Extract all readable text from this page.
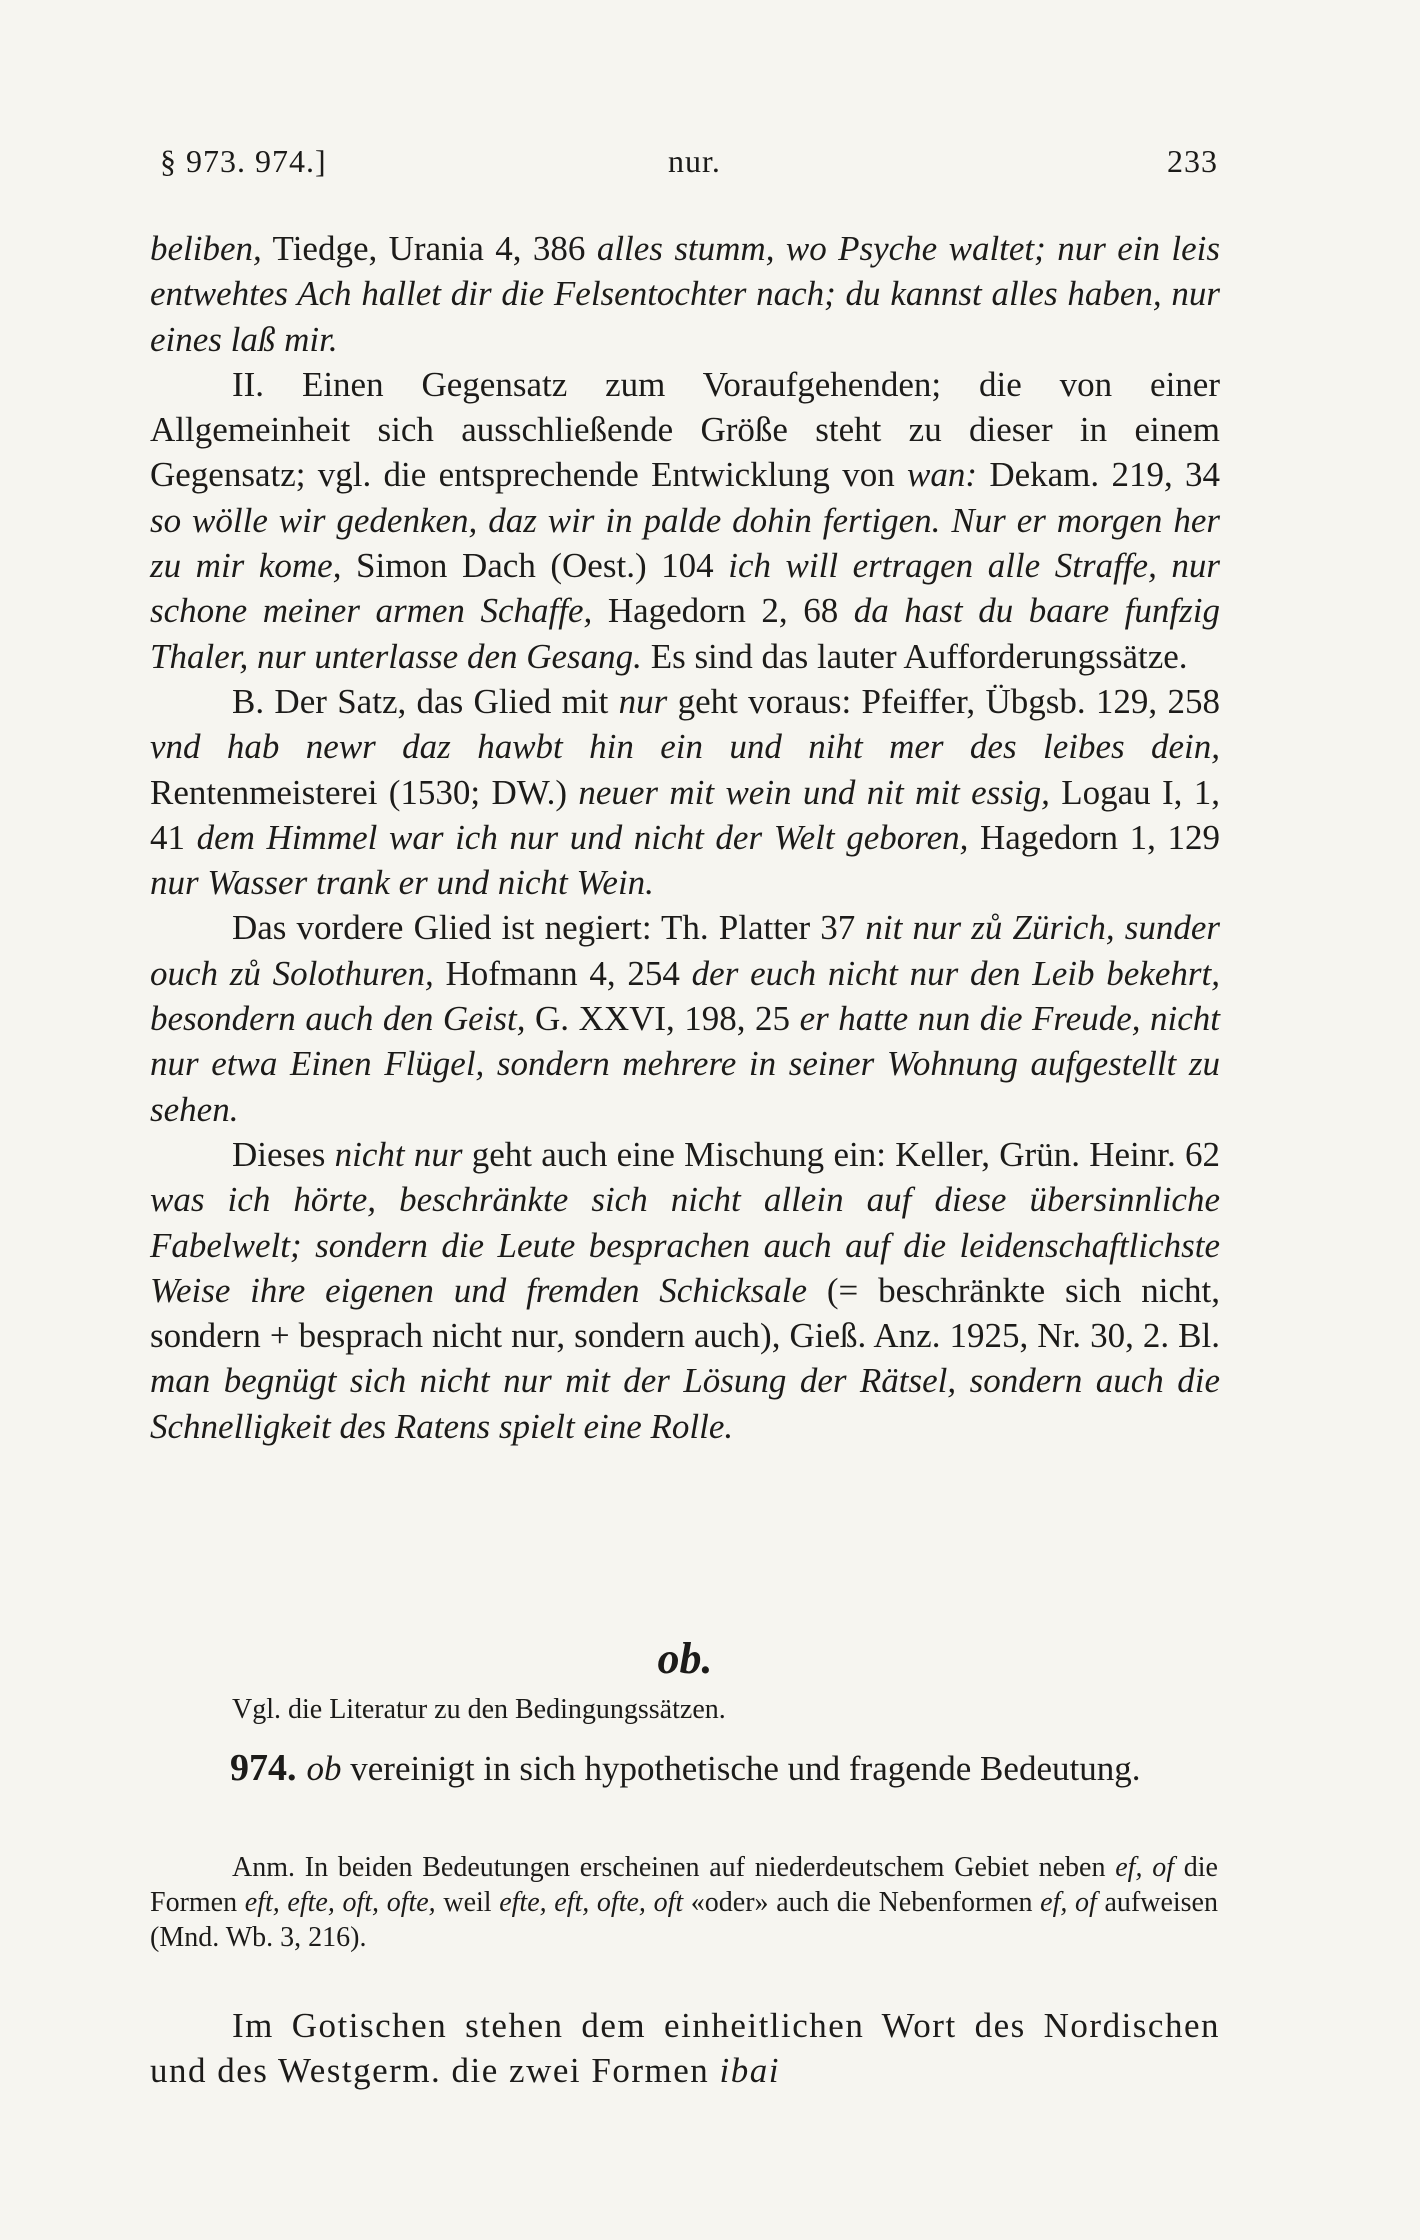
§ 973. 974.]	nur.	233

beliben, Tiedge, Urania 4, 386 alles stumm, wo Psyche waltet; nur ein leis entwehtes Ach hallet dir die Felsentochter nach; du kannst alles haben, nur eines laß mir.

II. Einen Gegensatz zum Voraufgehenden; die von einer Allgemeinheit sich ausschließende Größe steht zu dieser in einem Gegensatz; vgl. die entsprechende Entwicklung von wan: Dekam. 219, 34 so wölle wir gedenken, daz wir in palde dohin fertigen. Nur er morgen her zu mir kome, Simon Dach (Oest.) 104 ich will ertragen alle Straffe, nur schone meiner armen Schaffe, Hagedorn 2, 68 da hast du baare funfzig Thaler, nur unterlasse den Gesang. Es sind das lauter Aufforderungssätze.

B. Der Satz, das Glied mit nur geht voraus: Pfeiffer, Übgsb. 129, 258 vnd hab newr daz hawbt hin ein und niht mer des leibes dein, Rentenmeisterei (1530; DW.) neuer mit wein und nit mit essig, Logau I, 1, 41 dem Himmel war ich nur und nicht der Welt geboren, Hagedorn 1, 129 nur Wasser trank er und nicht Wein.

Das vordere Glied ist negiert: Th. Platter 37 nit nur zů Zürich, sunder ouch zů Solothuren, Hofmann 4, 254 der euch nicht nur den Leib bekehrt, besondern auch den Geist, G. XXVI, 198, 25 er hatte nun die Freude, nicht nur etwa Einen Flügel, sondern mehrere in seiner Wohnung aufgestellt zu sehen.

Dieses nicht nur geht auch eine Mischung ein: Keller, Grün. Heinr. 62 was ich hörte, beschränkte sich nicht allein auf diese übersinnliche Fabelwelt; sondern die Leute besprachen auch auf die leidenschaftlichste Weise ihre eigenen und fremden Schicksale (= beschränkte sich nicht, sondern + besprach nicht nur, sondern auch), Gieß. Anz. 1925, Nr. 30, 2. Bl. man begnügt sich nicht nur mit der Lösung der Rätsel, sondern auch die Schnelligkeit des Ratens spielt eine Rolle.

ob.
Vgl. die Literatur zu den Bedingungssätzen.
974. ob vereinigt in sich hypothetische und fragende Bedeutung.
Anm. In beiden Bedeutungen erscheinen auf niederdeutschem Gebiet neben ef, of die Formen eft, efte, oft, ofte, weil efte, eft, ofte, oft «oder» auch die Nebenformen ef, of aufweisen (Mnd. Wb. 3, 216).

Im Gotischen stehen dem einheitlichen Wort des Nordischen und des Westgerm. die zwei Formen ibai
